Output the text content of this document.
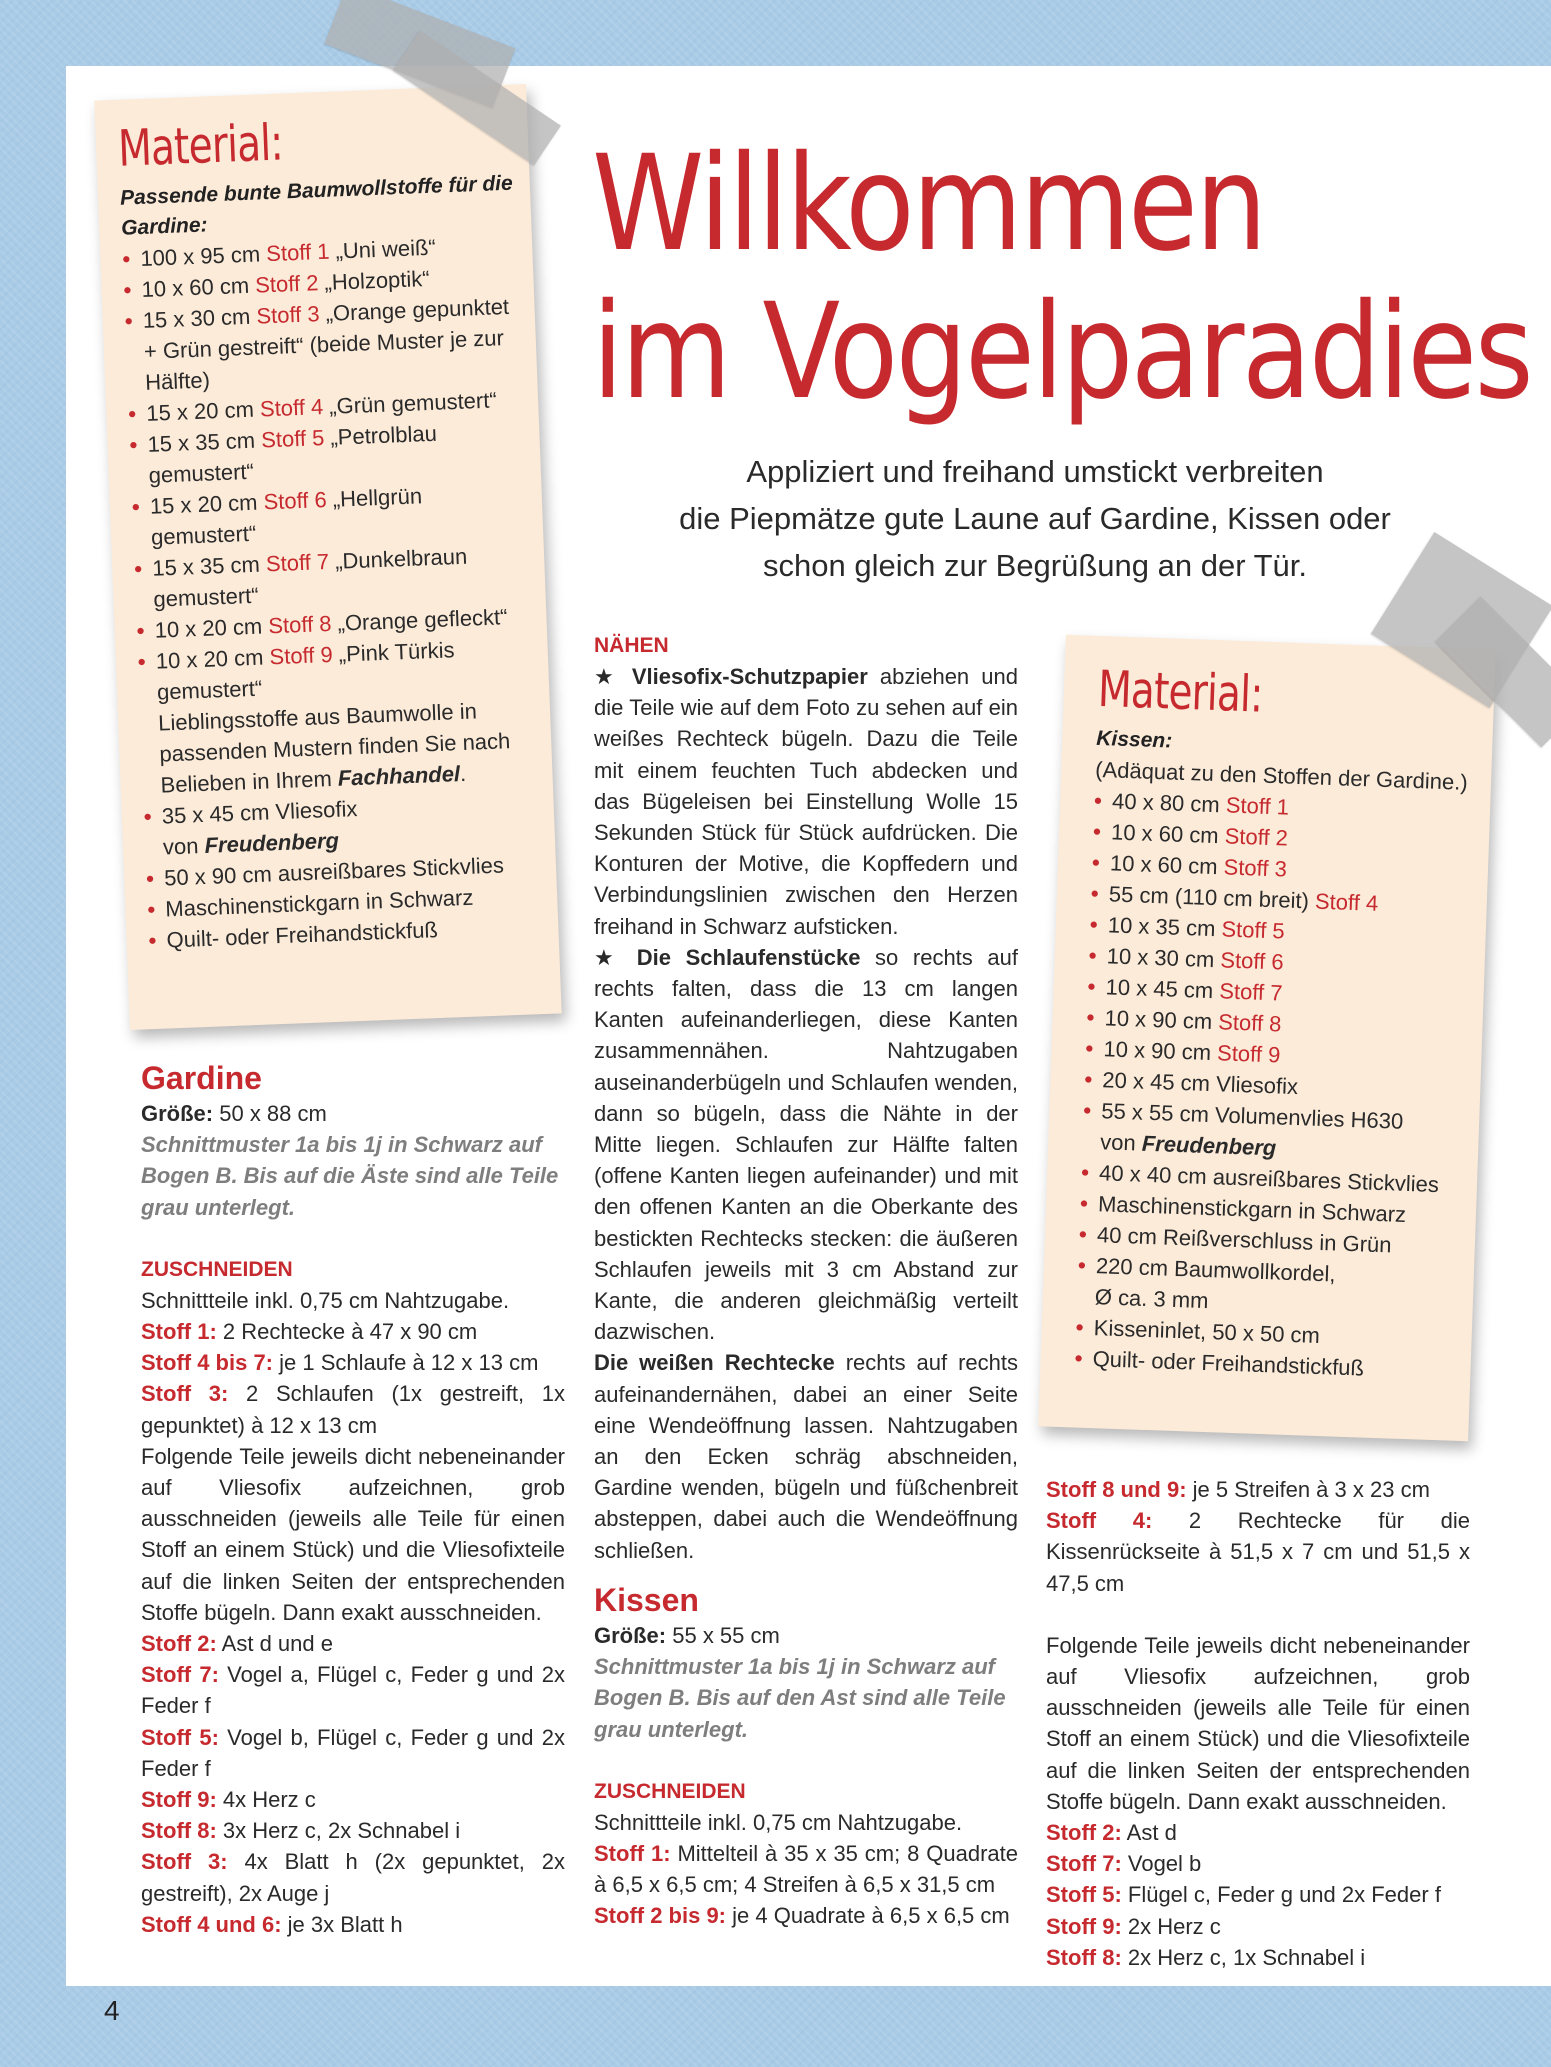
Material:
Passende bunte Baumwollstoffe für die Gardine:
• 100 x 95 cm Stoff 1 „Uni weiß“
• 10 x 60 cm Stoff 2 „Holzoptik“
• 15 x 30 cm Stoff 3 „Orange gepunktet + Grün gestreift“ (beide Muster je zur Hälfte)
• 15 x 20 cm Stoff 4 „Grün gemustert“
• 15 x 35 cm Stoff 5 „Petrolblau gemustert“
• 15 x 20 cm Stoff 6 „Hellgrün gemustert“
• 15 x 35 cm Stoff 7 „Dunkelbraun gemustert“
• 10 x 20 cm Stoff 8 „Orange gefleckt“
• 10 x 20 cm Stoff 9 „Pink Türkis gemustert“
Lieblingsstoffe aus Baumwolle in passenden Mustern finden Sie nach Belieben in Ihrem Fachhandel.
• 35 x 45 cm Vliesofix
von Freudenberg
• 50 x 90 cm ausreißbares Stickvlies
• Maschinenstickgarn in Schwarz
• Quilt- oder Freihandstickfuß
Willkommen
im Vogelparadies
Appliziert und freihand umstickt verbreiten
die Piepmätze gute Laune auf Gardine, Kissen oder
schon gleich zur Begrüßung an der Tür.
Gardine

Größe: 50 x 88 cm

Schnittmuster 1a bis 1j in Schwarz auf Bogen B. Bis auf die Äste sind alle Teile grau unterlegt.

ZUSCHNEIDEN

Schnittteile inkl. 0,75 cm Nahtzugabe.

Stoff 1: 2 Rechtecke à 47 x 90 cm

Stoff 4 bis 7: je 1 Schlaufe à 12 x 13 cm

Stoff 3: 2 Schlaufen (1x gestreift, 1x gepunktet) à 12 x 13 cm

Folgende Teile jeweils dicht nebeneinander auf Vliesofix aufzeichnen, grob ausschneiden (jeweils alle Teile für einen Stoff an einem Stück) und die Vliesofixteile auf die linken Seiten der entsprechenden Stoffe bügeln. Dann exakt ausschneiden.

Stoff 2: Ast d und e

Stoff 7: Vogel a, Flügel c, Feder g und 2x Feder f

Stoff 5: Vogel b, Flügel c, Feder g und 2x Feder f

Stoff 9: 4x Herz c

Stoff 8: 3x Herz c, 2x Schnabel i

Stoff 3: 4x Blatt h (2x gepunktet, 2x gestreift), 2x Auge j

Stoff 4 und 6: je 3x Blatt h

NÄHEN

★ Vliesofix-Schutzpapier abziehen und die Teile wie auf dem Foto zu sehen auf ein weißes Rechteck bügeln. Dazu die Teile mit einem feuchten Tuch abdecken und das Bügeleisen bei Einstellung Wolle 15 Sekunden Stück für Stück aufdrücken. Die Konturen der Motive, die Kopffedern und Verbindungslinien zwischen den Herzen freihand in Schwarz aufsticken.

★ Die Schlaufenstücke so rechts auf rechts falten, dass die 13 cm langen Kanten aufeinanderliegen, diese Kanten zusammennähen. Nahtzugaben auseinanderbügeln und Schlaufen wenden, dann so bügeln, dass die Nähte in der Mitte liegen. Schlaufen zur Hälfte falten (offene Kanten liegen aufeinander) und mit den offenen Kanten an die Oberkante des bestickten Rechtecks stecken: die äußeren Schlaufen jeweils mit 3 cm Abstand zur Kante, die anderen gleichmäßig verteilt dazwischen.

Die weißen Rechtecke rechts auf rechts aufeinandernähen, dabei an einer Seite eine Wendeöffnung lassen. Nahtzugaben an den Ecken schräg abschneiden, Gardine wenden, bügeln und füßchenbreit absteppen, dabei auch die Wendeöffnung schließen.

Kissen

Größe: 55 x 55 cm

Schnittmuster 1a bis 1j in Schwarz auf Bogen B. Bis auf den Ast sind alle Teile grau unterlegt.

ZUSCHNEIDEN

Schnittteile inkl. 0,75 cm Nahtzugabe.

Stoff 1: Mittelteil à 35 x 35 cm; 8 Quadrate à 6,5 x 6,5 cm; 4 Streifen à 6,5 x 31,5 cm

Stoff 2 bis 9: je 4 Quadrate à 6,5 x 6,5 cm

Material:
Kissen:
(Adäquat zu den Stoffen der Gardine.)
• 40 x 80 cm Stoff 1
• 10 x 60 cm Stoff 2
• 10 x 60 cm Stoff 3
• 55 cm (110 cm breit) Stoff 4
• 10 x 35 cm Stoff 5
• 10 x 30 cm Stoff 6
• 10 x 45 cm Stoff 7
• 10 x 90 cm Stoff 8
• 10 x 90 cm Stoff 9
• 20 x 45 cm Vliesofix
• 55 x 55 cm Volumenvlies H630
von Freudenberg
• 40 x 40 cm ausreißbares Stickvlies
• Maschinenstickgarn in Schwarz
• 40 cm Reißverschluss in Grün
• 220 cm Baumwollkordel,
Ø ca. 3 mm
• Kisseninlet, 50 x 50 cm
• Quilt- oder Freihandstickfuß

Stoff 8 und 9: je 5 Streifen à 3 x 23 cm

Stoff 4: 2 Rechtecke für die Kissenrückseite à 51,5 x 7 cm und 51,5 x 47,5 cm

Folgende Teile jeweils dicht nebeneinander auf Vliesofix aufzeichnen, grob ausschneiden (jeweils alle Teile für einen Stoff an einem Stück) und die Vliesofixteile auf die linken Seiten der entsprechenden Stoffe bügeln. Dann exakt ausschneiden.

Stoff 2: Ast d

Stoff 7: Vogel b

Stoff 5: Flügel c, Feder g und 2x Feder f

Stoff 9: 2x Herz c

Stoff 8: 2x Herz c, 1x Schnabel i

4
